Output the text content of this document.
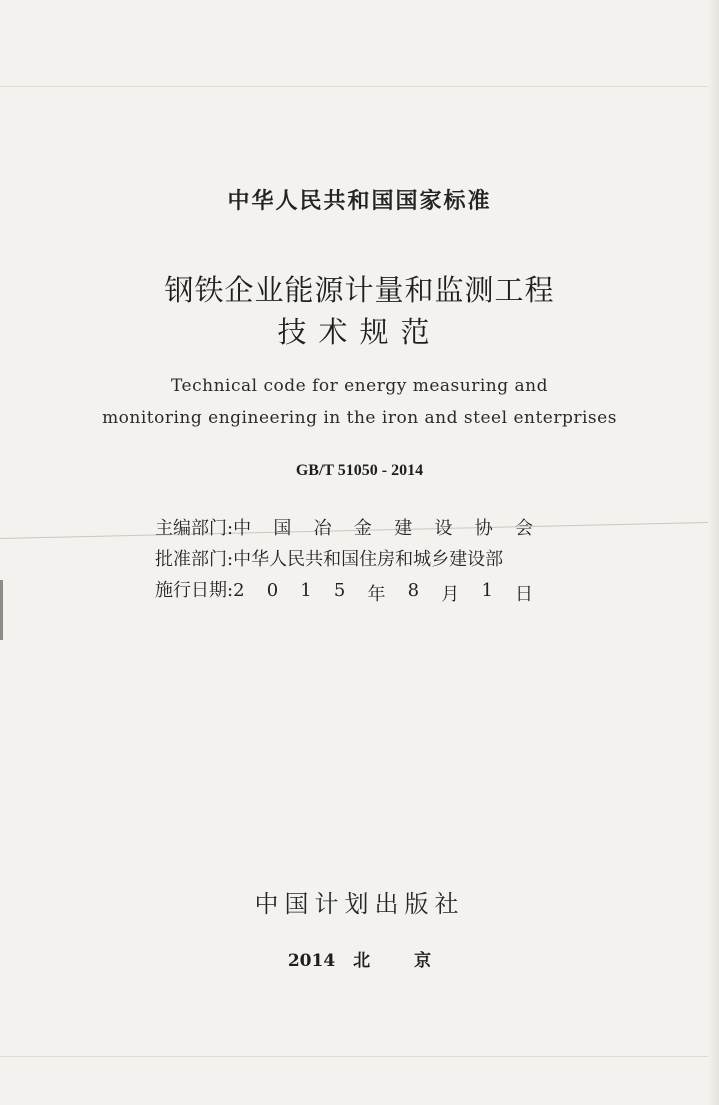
中华人民共和国国家标准
钢铁企业能源计量和监测工程
技术规范
Technical code for energy measuring and
monitoring engineering in the iron and steel enterprises
GB/T 51050 - 2014
主编部门 : 中 国 冶 金 建 设 协 会
批准部门 : 中华人民共和国住房和城乡建设部
施行日期 : 2 0 1 5 年 8 月 1 日
中国计划出版社
2014 北	京
